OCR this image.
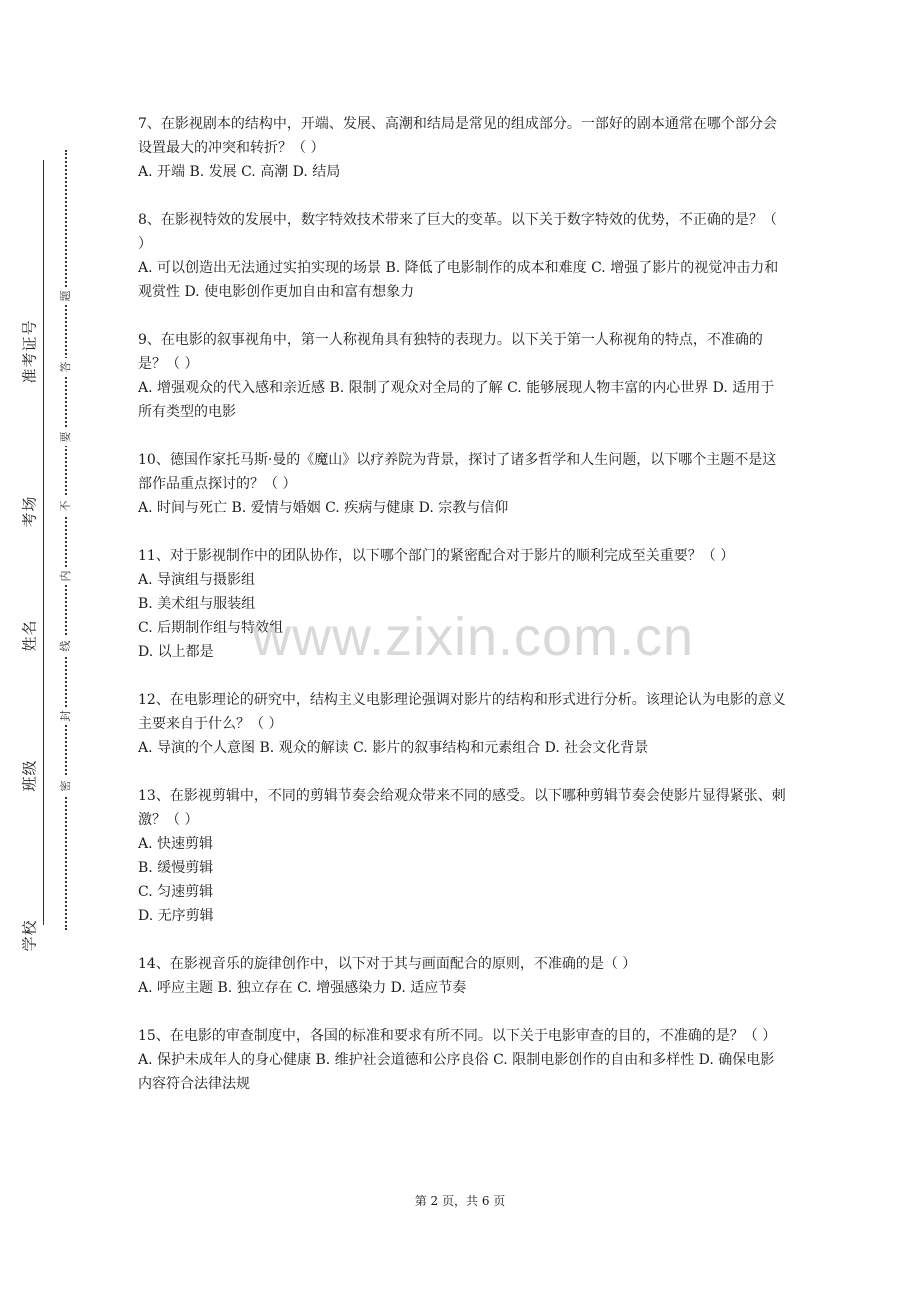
准考证号
考场
姓名
班级
学校
题
答
要
不
内
线
封
密

7、在影视剧本的结构中，开端、发展、高潮和结局是常见的组成部分。一部好的剧本通常在哪个部分会设置最大的冲突和转折？（ ）

A. 开端 B. 发展 C. 高潮 D. 结局

8、在影视特效的发展中，数字特效技术带来了巨大的变革。以下关于数字特效的优势，不正确的是？（ ）

A. 可以创造出无法通过实拍实现的场景 B. 降低了电影制作的成本和难度 C. 增强了影片的视觉冲击力和观赏性 D. 使电影创作更加自由和富有想象力

9、在电影的叙事视角中，第一人称视角具有独特的表现力。以下关于第一人称视角的特点，不准确的是？（ ）

A. 增强观众的代入感和亲近感 B. 限制了观众对全局的了解 C. 能够展现人物丰富的内心世界 D. 适用于所有类型的电影

10、德国作家托马斯·曼的《魔山》以疗养院为背景，探讨了诸多哲学和人生问题，以下哪个主题不是这部作品重点探讨的？（ ）

A. 时间与死亡 B. 爱情与婚姻 C. 疾病与健康 D. 宗教与信仰

11、对于影视制作中的团队协作，以下哪个部门的紧密配合对于影片的顺利完成至关重要？（ ）

A. 导演组与摄影组

B. 美术组与服装组

C. 后期制作组与特效组

D. 以上都是

12、在电影理论的研究中，结构主义电影理论强调对影片的结构和形式进行分析。该理论认为电影的意义主要来自于什么？（ ）

A. 导演的个人意图 B. 观众的解读 C. 影片的叙事结构和元素组合 D. 社会文化背景

13、在影视剪辑中，不同的剪辑节奏会给观众带来不同的感受。以下哪种剪辑节奏会使影片显得紧张、刺激？（ ）

A. 快速剪辑

B. 缓慢剪辑

C. 匀速剪辑

D. 无序剪辑

14、在影视音乐的旋律创作中，以下对于其与画面配合的原则，不准确的是（ ）

A. 呼应主题 B. 独立存在 C. 增强感染力 D. 适应节奏

15、在电影的审查制度中，各国的标准和要求有所不同。以下关于电影审查的目的，不准确的是？（ ）

A. 保护未成年人的身心健康 B. 维护社会道德和公序良俗 C. 限制电影创作的自由和多样性 D. 确保电影内容符合法律法规

www.zixin.com.cn
第 2 页，共 6 页
